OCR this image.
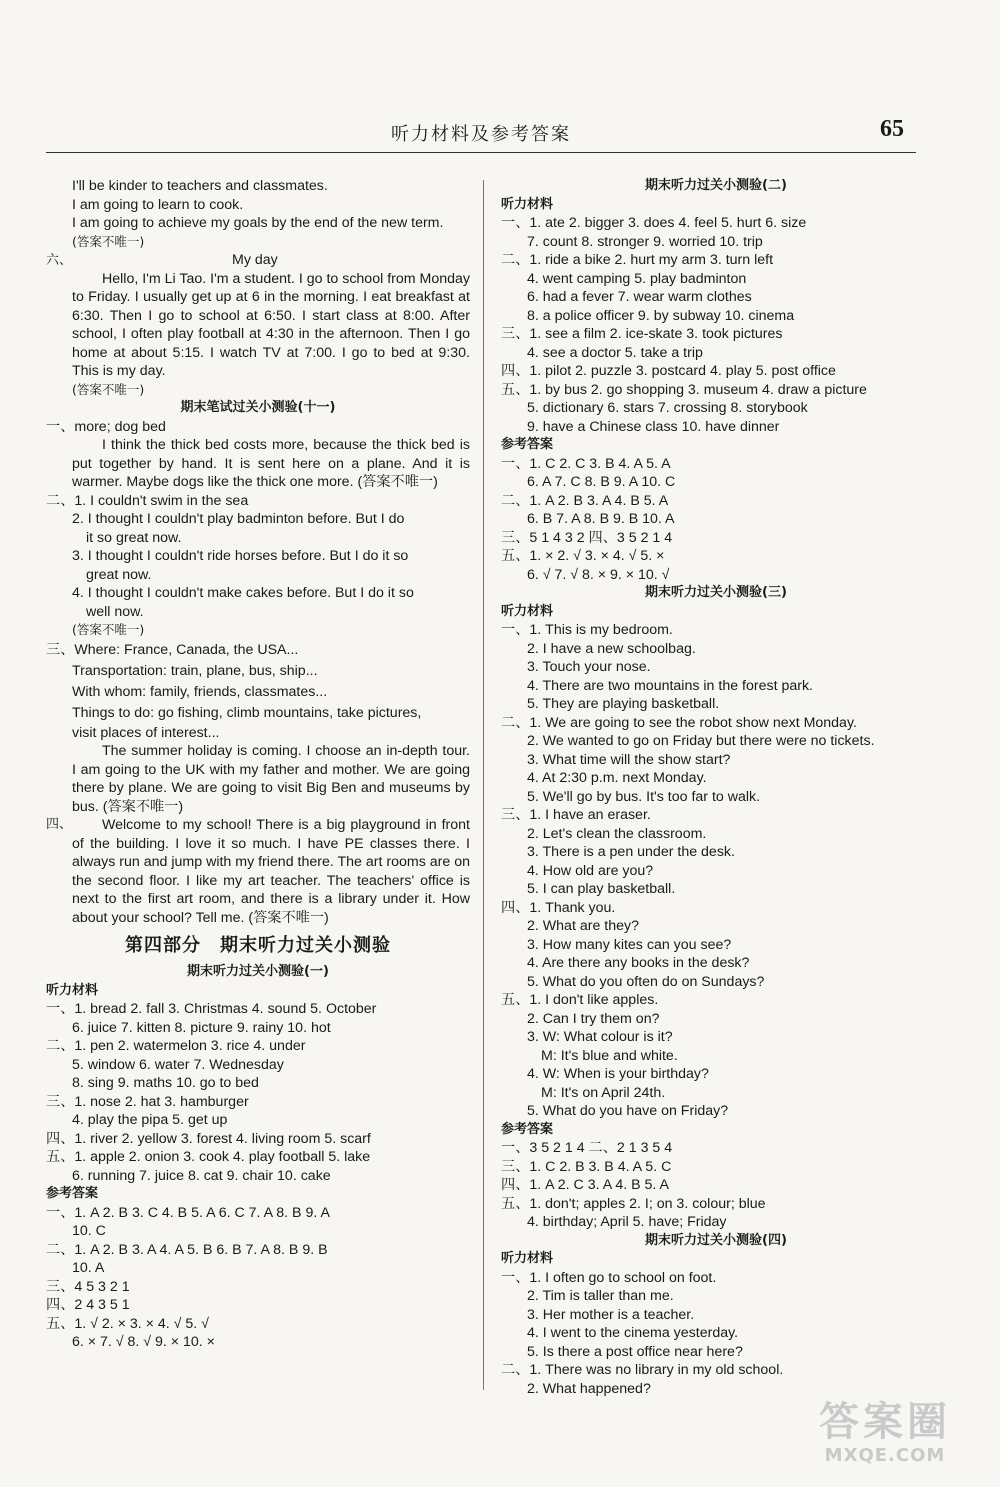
听力材料及参考答案	65
I'll be kinder to teachers and classmates.
I am going to learn to cook.
I am going to achieve my goals by the end of the new term.
(答案不唯一)
六、	My day
Hello, I'm Li Tao. I'm a student. I go to school from Monday to Friday. I usually get up at 6 in the morning. I eat breakfast at 6:30. Then I go to school at 6:50. I start class at 8:00. After school, I often play football at 4:30 in the afternoon. Then I go home at about 5:15. I watch TV at 7:00. I go to bed at 9:30. This is my day.
(答案不唯一)
期末笔试过关小测验(十一)
一、more; dog bed
I think the thick bed costs more, because the thick bed is put together by hand. It is sent here on a plane. And it is warmer. Maybe dogs like the thick one more. (答案不唯一)
二、1. I couldn't swim in the sea
2. I thought I couldn't play badminton before. But I do
it so great now.
3. I thought I couldn't ride horses before. But I do it so
great now.
4. I thought I couldn't make cakes before. But I do it so
well now.
(答案不唯一)
三、Where: France, Canada, the USA...
Transportation: train, plane, bus, ship...
With whom: family, friends, classmates...
Things to do: go fishing, climb mountains, take pictures,
visit places of interest...
The summer holiday is coming. I choose an in-depth tour. I am going to the UK with my father and mother. We are going there by plane. We are going to visit Big Ben and museums by bus. (答案不唯一)
四、	Welcome to my school! There is a big playground in front of the building. I love it so much. I have PE classes there. I always run and jump with my friend there. The art rooms are on the second floor. I like my art teacher. The teachers' office is next to the first art room, and there is a library under it. How about your school? Tell me. (答案不唯一)
第四部分　期末听力过关小测验
期末听力过关小测验(一)
听力材料
一、1. bread 2. fall 3. Christmas 4. sound 5. October
6. juice 7. kitten 8. picture 9. rainy 10. hot
二、1. pen 2. watermelon 3. rice 4. under
5. window 6. water 7. Wednesday
8. sing 9. maths 10. go to bed
三、1. nose 2. hat 3. hamburger
4. play the pipa 5. get up
四、1. river 2. yellow 3. forest 4. living room 5. scarf
五、1. apple 2. onion 3. cook 4. play football 5. lake
6. running 7. juice 8. cat 9. chair 10. cake
参考答案
一、1. A 2. B 3. C 4. B 5. A 6. C 7. A 8. B 9. A
10. C
二、1. A 2. B 3. A 4. A 5. B 6. B 7. A 8. B 9. B
10. A
三、4 5 3 2 1
四、2 4 3 5 1
五、1. √ 2. × 3. × 4. √ 5. √
6. × 7. √ 8. √ 9. × 10. ×
期末听力过关小测验(二)
听力材料
一、1. ate 2. bigger 3. does 4. feel 5. hurt 6. size
7. count 8. stronger 9. worried 10. trip
二、1. ride a bike 2. hurt my arm 3. turn left
4. went camping 5. play badminton
6. had a fever 7. wear warm clothes
8. a police officer 9. by subway 10. cinema
三、1. see a film 2. ice-skate 3. took pictures
4. see a doctor 5. take a trip
四、1. pilot 2. puzzle 3. postcard 4. play 5. post office
五、1. by bus 2. go shopping 3. museum 4. draw a picture
5. dictionary 6. stars 7. crossing 8. storybook
9. have a Chinese class 10. have dinner
参考答案
一、1. C 2. C 3. B 4. A 5. A
6. A 7. C 8. B 9. A 10. C
二、1. A 2. B 3. A 4. B 5. A
6. B 7. A 8. B 9. B 10. A
三、5 1 4 3 2 四、3 5 2 1 4
五、1. × 2. √ 3. × 4. √ 5. ×
6. √ 7. √ 8. × 9. × 10. √
期末听力过关小测验(三)
听力材料
一、1. This is my bedroom.
2. I have a new schoolbag.
3. Touch your nose.
4. There are two mountains in the forest park.
5. They are playing basketball.
二、1. We are going to see the robot show next Monday.
2. We wanted to go on Friday but there were no tickets.
3. What time will the show start?
4. At 2:30 p.m. next Monday.
5. We'll go by bus. It's too far to walk.
三、1. I have an eraser.
2. Let's clean the classroom.
3. There is a pen under the desk.
4. How old are you?
5. I can play basketball.
四、1. Thank you.
2. What are they?
3. How many kites can you see?
4. Are there any books in the desk?
5. What do you often do on Sundays?
五、1. I don't like apples.
2. Can I try them on?
3. W: What colour is it?
M: It's blue and white.
4. W: When is your birthday?
M: It's on April 24th.
5. What do you have on Friday?
参考答案
一、3 5 2 1 4 二、2 1 3 5 4
三、1. C 2. B 3. B 4. A 5. C
四、1. A 2. C 3. A 4. B 5. A
五、1. don't; apples 2. I; on 3. colour; blue
4. birthday; April 5. have; Friday
期末听力过关小测验(四)
听力材料
一、1. I often go to school on foot.
2. Tim is taller than me.
3. Her mother is a teacher.
4. I went to the cinema yesterday.
5. Is there a post office near here?
二、1. There was no library in my old school.
2. What happened?
答案圈
MXQE.COM
